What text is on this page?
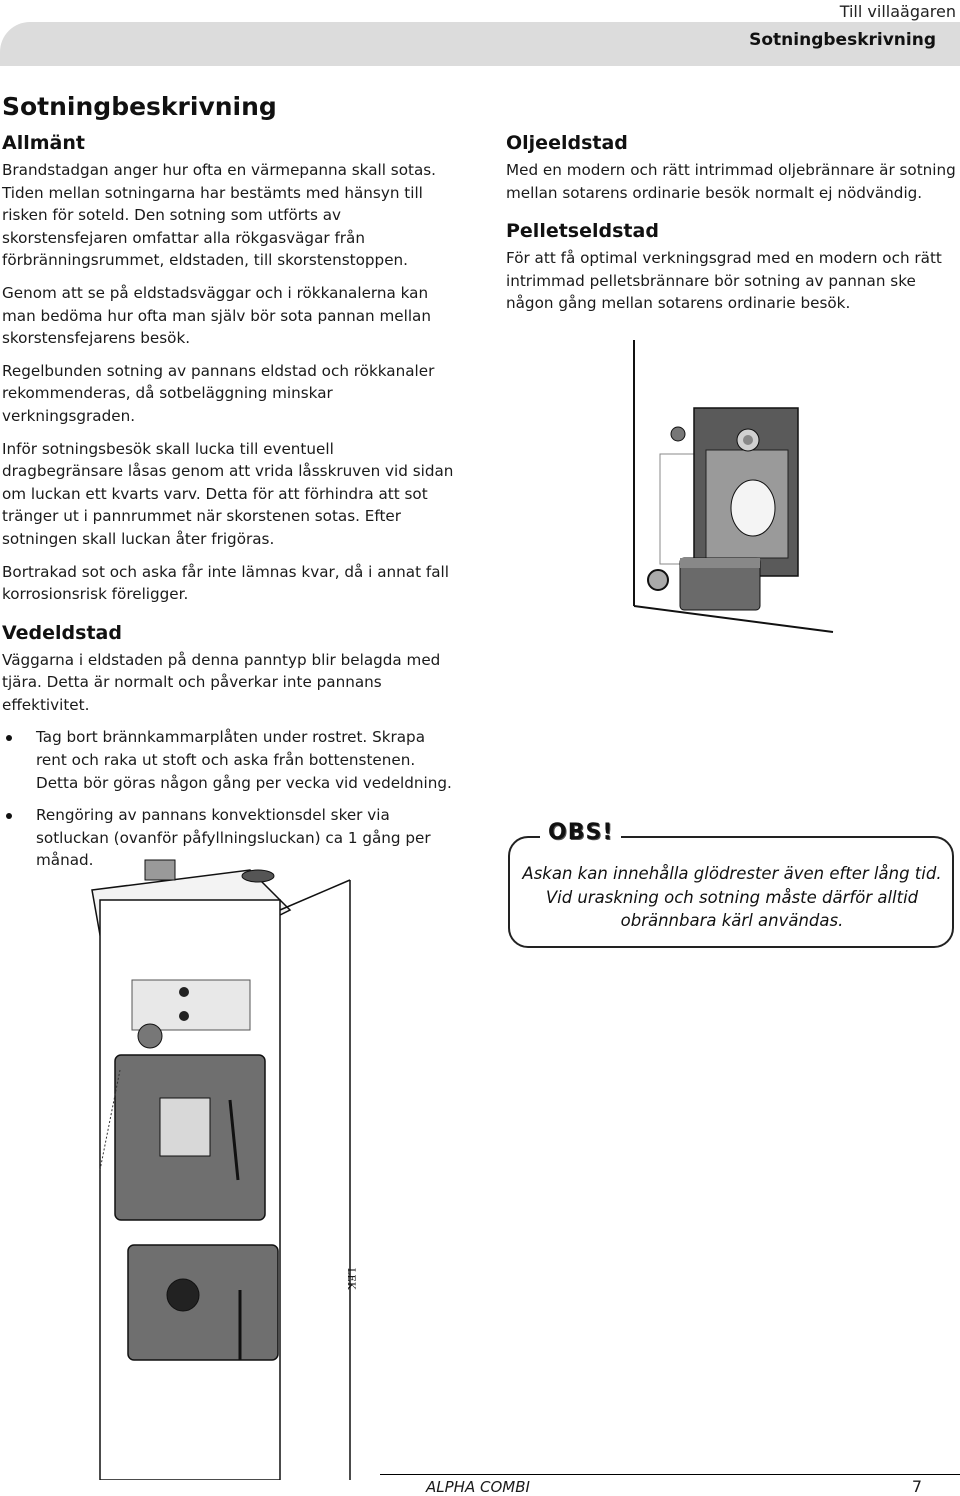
Till villaägaren
Sotningbeskrivning
Sotningbeskrivning
Allmänt

Brandstadgan anger hur ofta en värmepanna skall sotas. Tiden mellan sotningarna har bestämts med hänsyn till risken för soteld. Den sotning som utförts av skorstensfejaren omfattar alla rökgasvägar från förbränningsrummet, eldstaden, till skorstenstoppen.

Genom att se på eldstadsväggar och i rökkanalerna kan man bedöma hur ofta man själv bör sota pannan mellan skorstensfejarens besök.

Regelbunden sotning av pannans eldstad och rökkanaler rekommenderas, då sotbeläggning minskar verkningsgraden.

Inför sotningsbesök skall lucka till eventuell dragbegränsare låsas genom att vrida låsskruven vid sidan om luckan ett kvarts varv. Detta för att förhindra att sot tränger ut i pannrummet när skorstenen sotas. Efter sotningen skall luckan åter frigöras.

Bortrakad sot och aska får inte lämnas kvar, då i annat fall korrosionsrisk föreligger.

Vedeldstad

Väggarna i eldstaden på denna panntyp blir belagda med tjära. Detta är normalt och påverkar inte pannans effektivitet.

Tag bort brännkammarplåten under rostret. Skrapa rent och raka ut stoft och aska från bottenstenen. Detta bör göras någon gång per vecka vid vedeldning.
Rengöring av pannans konvektionsdel sker via sotluckan (ovanför påfyllningsluckan) ca 1 gång per månad.
Oljeeldstad

Med en modern och rätt intrimmad oljebrännare är sotning mellan sotarens ordinarie besök normalt ej nödvändig.

Pelletseldstad

För att få optimal verkningsgrad med en modern och rätt intrimmad pelletsbrännare bör sotning av pannan ske någon gång mellan sotarens ordinarie besök.

LEK
OBS!
Askan kan innehålla glödrester även efter lång tid. Vid uraskning och sotning måste därför alltid obrännbara kärl användas.
ALPHA COMBI	7
